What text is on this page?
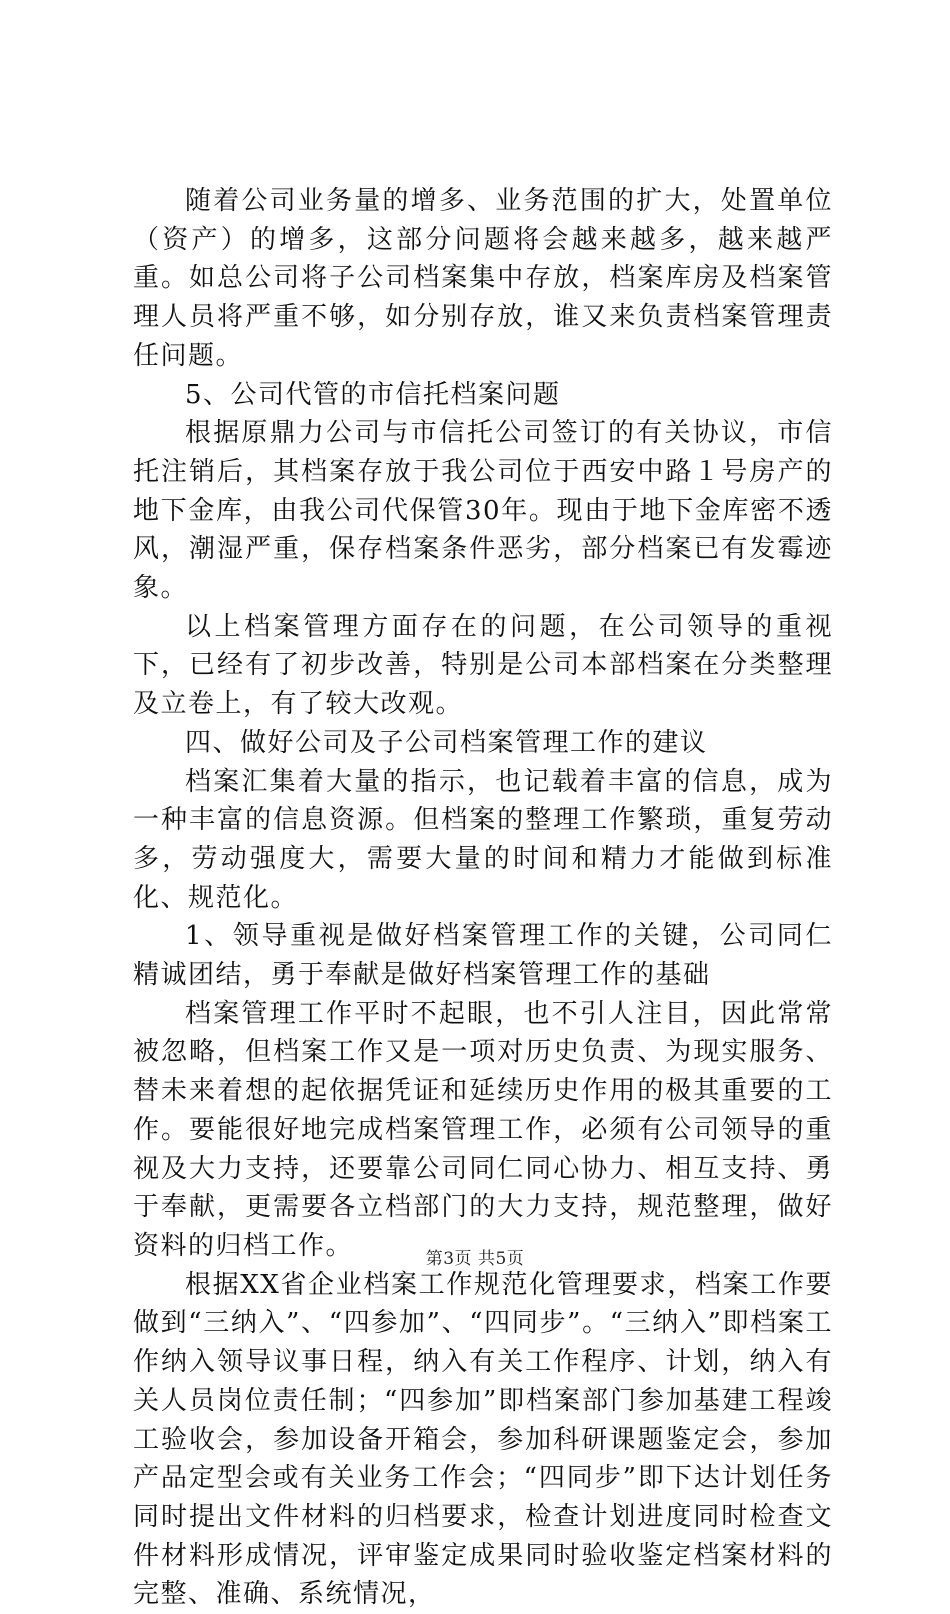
随着公司业务量的增多、业务范围的扩大，处置单位（资产）的增多，这部分问题将会越来越多，越来越严重。如总公司将子公司档案集中存放，档案库房及档案管理人员将严重不够，如分别存放，谁又来负责档案管理责任问题。

5、公司代管的市信托档案问题

根据原鼎力公司与市信托公司签订的有关协议，市信托注销后，其档案存放于我公司位于西安中路１号房产的地下金库，由我公司代保管30年。现由于地下金库密不透风，潮湿严重，保存档案条件恶劣，部分档案已有发霉迹象。

以上档案管理方面存在的问题，在公司领导的重视下，已经有了初步改善，特别是公司本部档案在分类整理及立卷上，有了较大改观。

四、做好公司及子公司档案管理工作的建议

档案汇集着大量的指示，也记载着丰富的信息，成为一种丰富的信息资源。但档案的整理工作繁琐，重复劳动多，劳动强度大，需要大量的时间和精力才能做到标准化、规范化。

1、领导重视是做好档案管理工作的关键，公司同仁精诚团结，勇于奉献是做好档案管理工作的基础

档案管理工作平时不起眼，也不引人注目，因此常常被忽略，但档案工作又是一项对历史负责、为现实服务、替未来着想的起依据凭证和延续历史作用的极其重要的工作。要能很好地完成档案管理工作，必须有公司领导的重视及大力支持，还要靠公司同仁同心协力、相互支持、勇于奉献，更需要各立档部门的大力支持，规范整理，做好资料的归档工作。

根据XX省企业档案工作规范化管理要求，档案工作要做到“三纳入”、“四参加”、“四同步”。“三纳入”即档案工作纳入领导议事日程，纳入有关工作程序、计划，纳入有关人员岗位责任制；“四参加”即档案部门参加基建工程竣工验收会，参加设备开箱会，参加科研课题鉴定会，参加产品定型会或有关业务工作会；“四同步”即下达计划任务同时提出文件材料的归档要求，检查计划进度同时检查文件材料形成情况，评审鉴定成果同时验收鉴定档案材料的完整、准确、系统情况，

第3页 共5页
